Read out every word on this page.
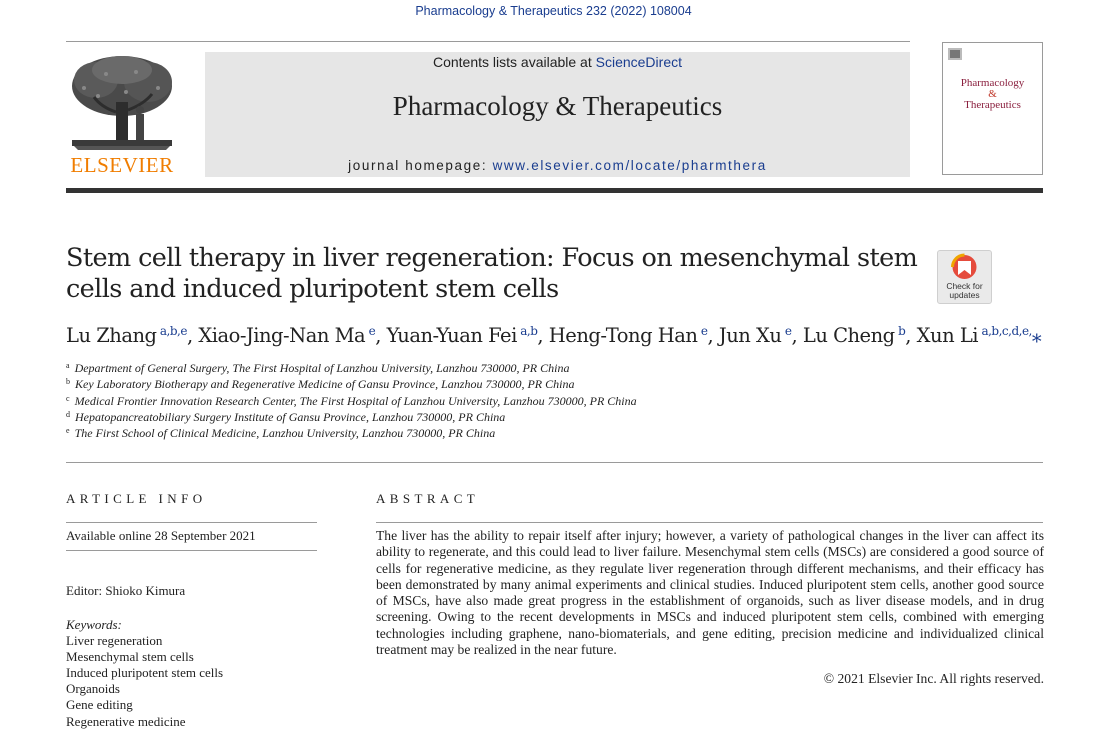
Pharmacology & Therapeutics 232 (2022) 108004
ELSEVIER
Contents lists available at ScienceDirect
Pharmacology & Therapeutics
journal homepage: www.elsevier.com/locate/pharmthera
Pharmacology
&
Therapeutics
Stem cell therapy in liver regeneration: Focus on mesenchymal stem cells and induced pluripotent stem cells	Check for updates
Lu Zhang  $^{a,b,e}$, Xiao-Jing-Nan Ma  $^e$, Yuan-Yuan Fei  $^{a,b}$, Heng-Tong Han  $^e$, Jun Xu  $^e$, Lu Cheng  $^b$, Xun Li  $^{a,b,c,d,e,}$⁎
$^a$ Department of General Surgery, The First Hospital of Lanzhou University, Lanzhou 730000, PR China
$^b$ Key Laboratory Biotherapy and Regenerative Medicine of Gansu Province, Lanzhou 730000, PR China
$^c$ Medical Frontier Innovation Research Center, The First Hospital of Lanzhou University, Lanzhou 730000, PR China
$^d$ Hepatopancreatobiliary Surgery Institute of Gansu Province, Lanzhou 730000, PR China
$^e$ The First School of Clinical Medicine, Lanzhou University, Lanzhou 730000, PR China
ARTICLE INFO
Available online 28 September 2021
Editor: Shioko Kimura
Keywords:
Liver regeneration
Mesenchymal stem cells
Induced pluripotent stem cells
Organoids
Gene editing
Regenerative medicine
ABSTRACT

The liver has the ability to repair itself after injury; however, a variety of pathological changes in the liver can affect its ability to regenerate, and this could lead to liver failure. Mesenchymal stem cells (MSCs) are considered a good source of cells for regenerative medicine, as they regulate liver regeneration through different mechanisms, and their efficacy has been demonstrated by many animal experiments and clinical studies. Induced pluripotent stem cells, another good source of MSCs, have also made great progress in the establishment of organoids, such as liver disease models, and in drug screening. Owing to the recent developments in MSCs and induced pluripotent stem cells, combined with emerging technologies including graphene, nano-biomaterials, and gene editing, precision medicine and individualized clinical treatment may be realized in the near future.

© 2021 Elsevier Inc. All rights reserved.
